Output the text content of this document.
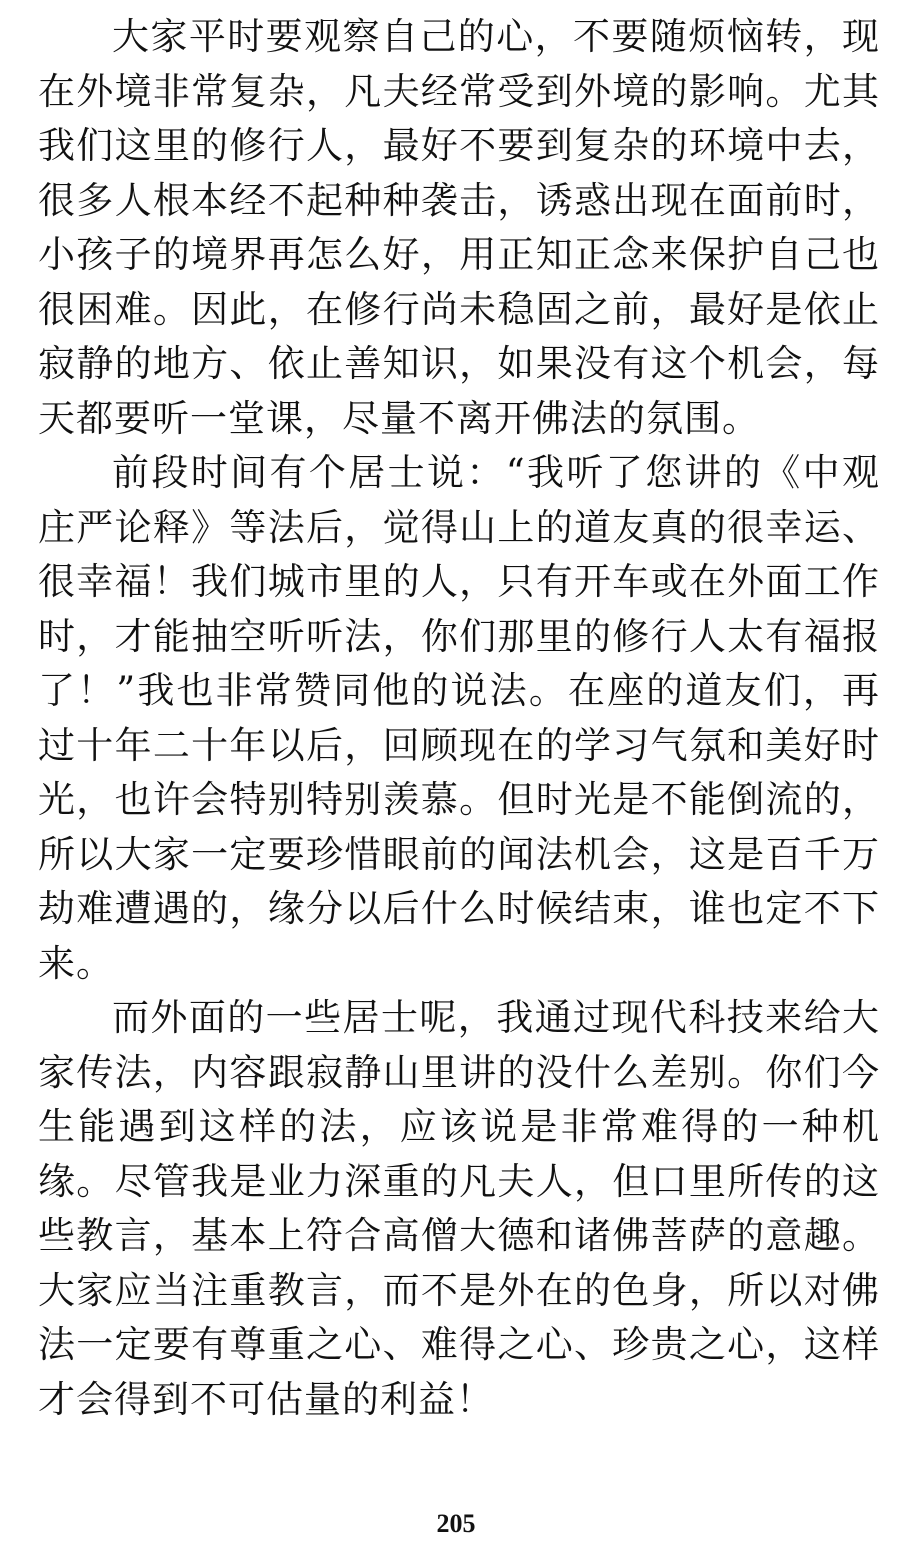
大家平时要观察自己的心，不要随烦恼转，现在外境非常复杂，凡夫经常受到外境的影响。尤其我们这里的修行人，最好不要到复杂的环境中去，很多人根本经不起种种袭击，诱惑出现在面前时，小孩子的境界再怎么好，用正知正念来保护自己也很困难。因此，在修行尚未稳固之前，最好是依止寂静的地方、依止善知识，如果没有这个机会，每天都要听一堂课，尽量不离开佛法的氛围。

前段时间有个居士说：“我听了您讲的《中观庄严论释》等法后，觉得山上的道友真的很幸运、很幸福！我们城市里的人，只有开车或在外面工作时，才能抽空听听法，你们那里的修行人太有福报了！”我也非常赞同他的说法。在座的道友们，再过十年二十年以后，回顾现在的学习气氛和美好时光，也许会特别特别羡慕。但时光是不能倒流的，所以大家一定要珍惜眼前的闻法机会，这是百千万劫难遭遇的，缘分以后什么时候结束，谁也定不下来。

而外面的一些居士呢，我通过现代科技来给大家传法，内容跟寂静山里讲的没什么差别。你们今生能遇到这样的法，应该说是非常难得的一种机缘。尽管我是业力深重的凡夫人，但口里所传的这些教言，基本上符合高僧大德和诸佛菩萨的意趣。大家应当注重教言，而不是外在的色身，所以对佛法一定要有尊重之心、难得之心、珍贵之心，这样才会得到不可估量的利益！

205
